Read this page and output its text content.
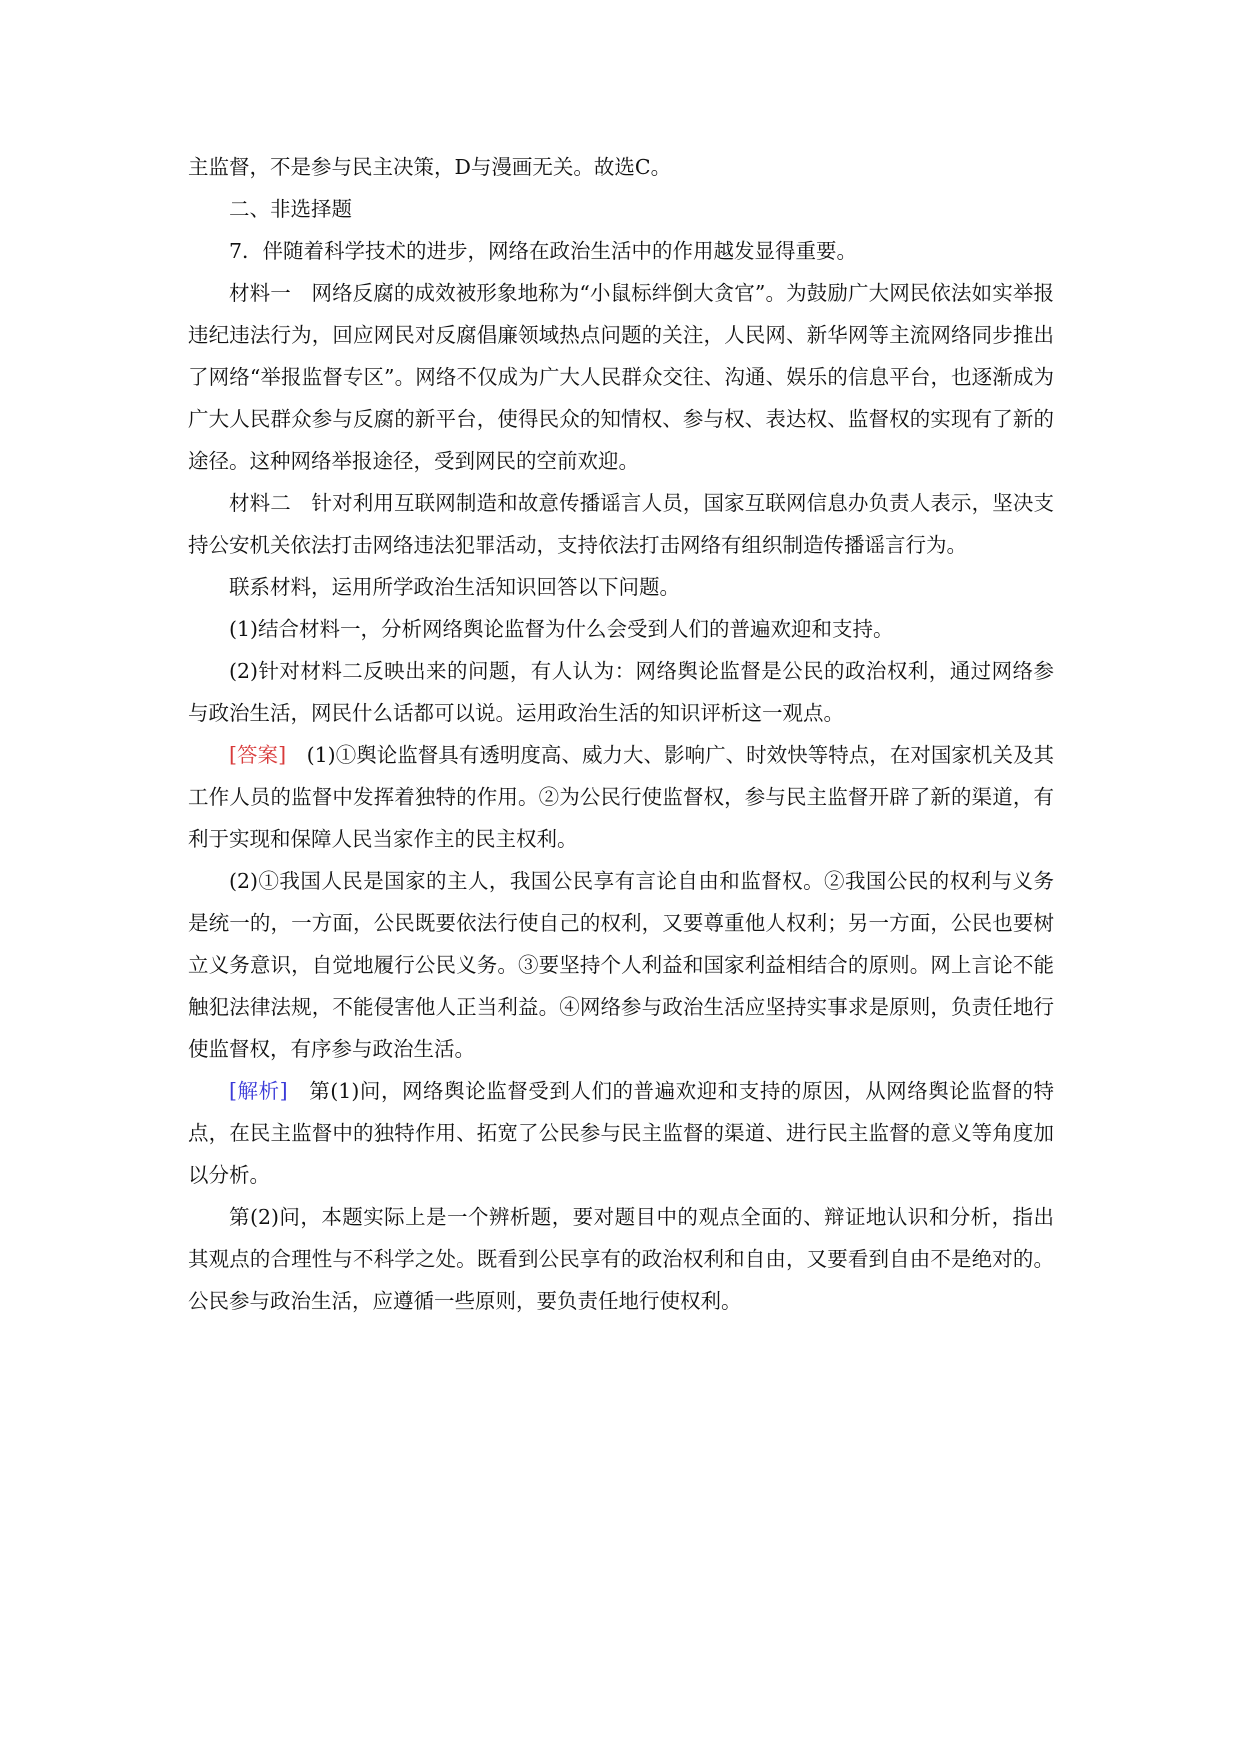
主监督，不是参与民主决策，D与漫画无关。故选C。

二、非选择题

7．伴随着科学技术的进步，网络在政治生活中的作用越发显得重要。

材料一　网络反腐的成效被形象地称为“小鼠标绊倒大贪官”。为鼓励广大网民依法如实举报违纪违法行为，回应网民对反腐倡廉领域热点问题的关注，人民网、新华网等主流网络同步推出了网络“举报监督专区”。网络不仅成为广大人民群众交往、沟通、娱乐的信息平台，也逐渐成为广大人民群众参与反腐的新平台，使得民众的知情权、参与权、表达权、监督权的实现有了新的途径。这种网络举报途径，受到网民的空前欢迎。

材料二　针对利用互联网制造和故意传播谣言人员，国家互联网信息办负责人表示，坚决支持公安机关依法打击网络违法犯罪活动，支持依法打击网络有组织制造传播谣言行为。

联系材料，运用所学政治生活知识回答以下问题。

(1)结合材料一，分析网络舆论监督为什么会受到人们的普遍欢迎和支持。

(2)针对材料二反映出来的问题，有人认为：网络舆论监督是公民的政治权利，通过网络参与政治生活，网民什么话都可以说。运用政治生活的知识评析这一观点。

[答案]　(1)①舆论监督具有透明度高、威力大、影响广、时效快等特点，在对国家机关及其工作人员的监督中发挥着独特的作用。②为公民行使监督权，参与民主监督开辟了新的渠道，有利于实现和保障人民当家作主的民主权利。

(2)①我国人民是国家的主人，我国公民享有言论自由和监督权。②我国公民的权利与义务是统一的，一方面，公民既要依法行使自己的权利，又要尊重他人权利；另一方面，公民也要树立义务意识，自觉地履行公民义务。③要坚持个人利益和国家利益相结合的原则。网上言论不能触犯法律法规，不能侵害他人正当利益。④网络参与政治生活应坚持实事求是原则，负责任地行使监督权，有序参与政治生活。

[解析]　第(1)问，网络舆论监督受到人们的普遍欢迎和支持的原因，从网络舆论监督的特点，在民主监督中的独特作用、拓宽了公民参与民主监督的渠道、进行民主监督的意义等角度加以分析。

第(2)问，本题实际上是一个辨析题，要对题目中的观点全面的、辩证地认识和分析，指出其观点的合理性与不科学之处。既看到公民享有的政治权利和自由，又要看到自由不是绝对的。公民参与政治生活，应遵循一些原则，要负责任地行使权利。
